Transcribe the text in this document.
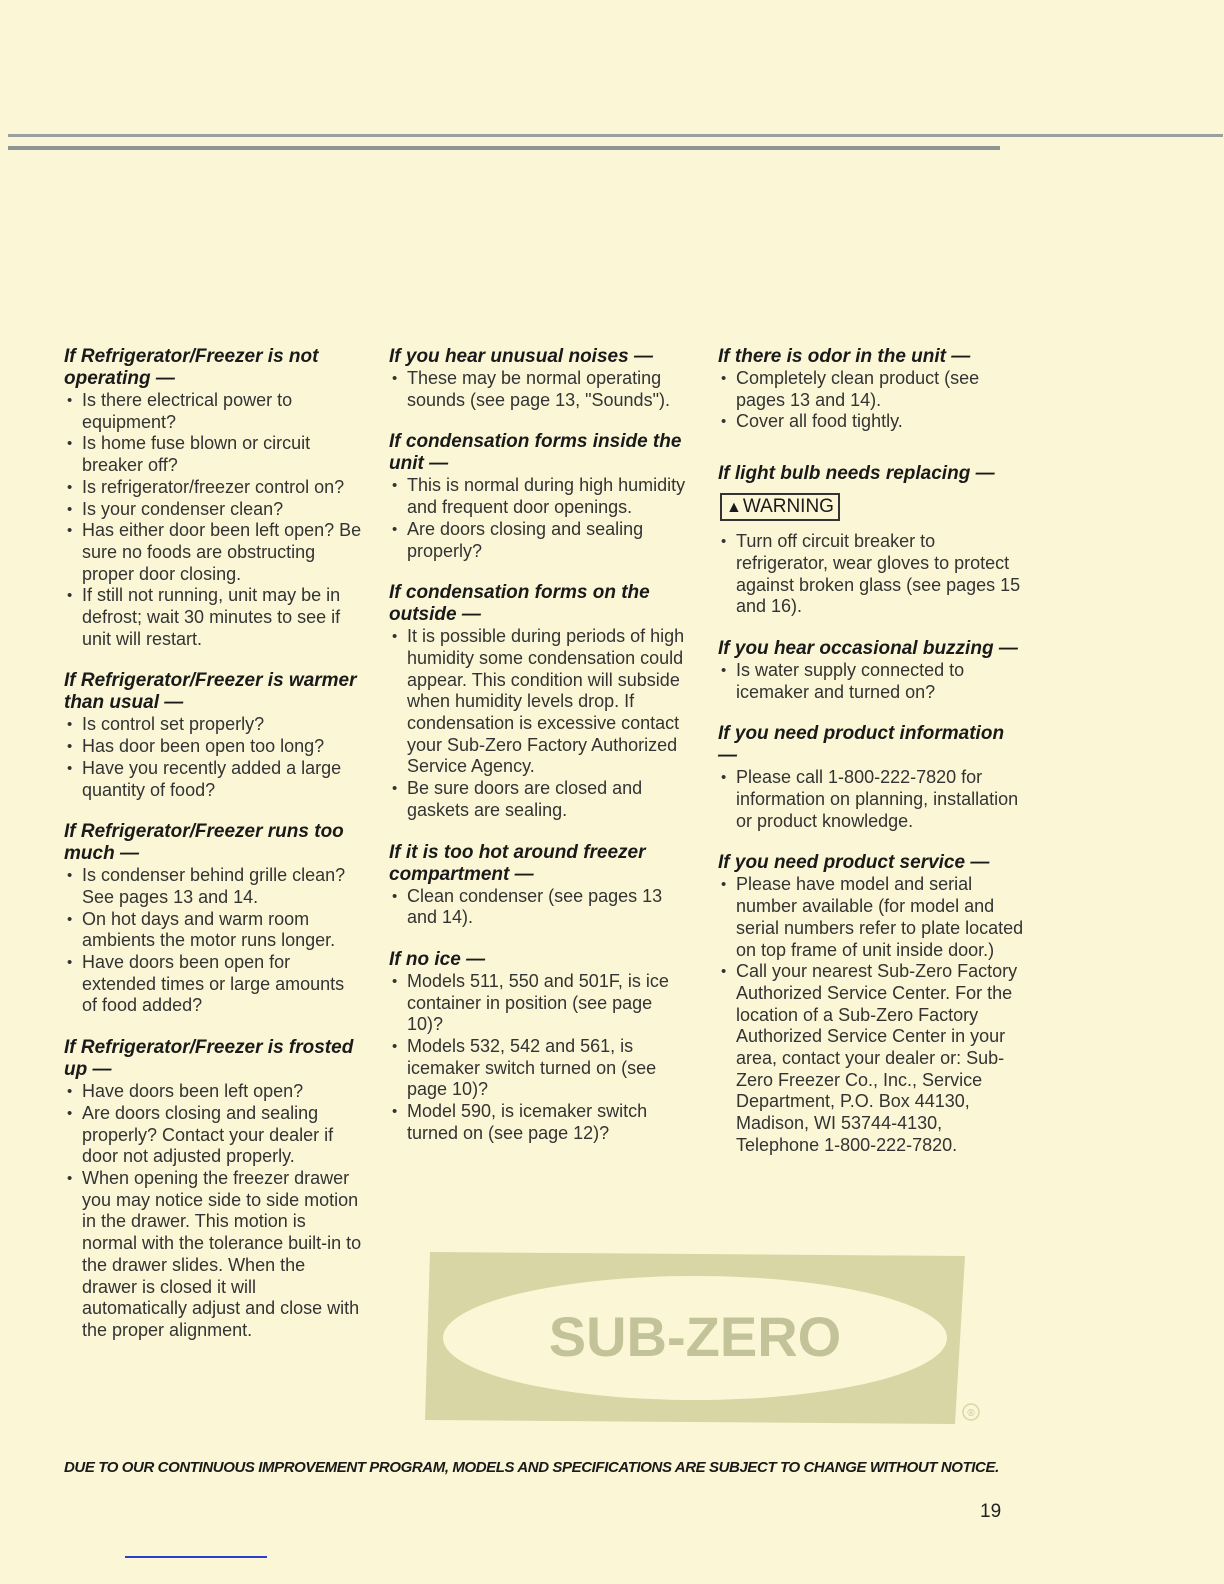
If Refrigerator/Freezer is not operating —

• Is there electrical power to equipment?
• Is home fuse blown or circuit breaker off?
• Is refrigerator/freezer control on?
• Is your condenser clean?
• Has either door been left open? Be sure no foods are obstructing proper door closing.
• If still not running, unit may be in defrost; wait 30 minutes to see if unit will restart.

If Refrigerator/Freezer is warmer than usual —

• Is control set properly?
• Has door been open too long?
• Have you recently added a large quantity of food?

If Refrigerator/Freezer runs too much —

• Is condenser behind grille clean? See pages 13 and 14.
• On hot days and warm room ambients the motor runs longer.
• Have doors been open for extended times or large amounts of food added?

If Refrigerator/Freezer is frosted up —

• Have doors been left open?
• Are doors closing and sealing properly? Contact your dealer if door not adjusted properly.
• When opening the freezer drawer you may notice side to side motion in the drawer. This motion is normal with the tolerance built-in to the drawer slides. When the drawer is closed it will automatically adjust and close with the proper alignment.

If you hear unusual noises —

• These may be normal operating sounds (see page 13, "Sounds").

If condensation forms inside the unit —

• This is normal during high humidity and frequent door openings.
• Are doors closing and sealing properly?

If condensation forms on the outside —

• It is possible during periods of high humidity some condensation could appear. This condition will subside when humidity levels drop. If condensation is excessive contact your Sub-Zero Factory Authorized Service Agency.
• Be sure doors are closed and gaskets are sealing.

If it is too hot around freezer compartment —

• Clean condenser (see pages 13 and 14).

If no ice —

• Models 511, 550 and 501F, is ice container in position (see page 10)?
• Models 532, 542 and 561, is icemaker switch turned on (see page 10)?
• Model 590, is icemaker switch turned on (see page 12)?

If there is odor in the unit —

• Completely clean product (see pages 13 and 14).
• Cover all food tightly.

If light bulb needs replacing —

▲WARNING
• Turn off circuit breaker to refrigerator, wear gloves to protect against broken glass (see pages 15 and 16).

If you hear occasional buzzing —

• Is water supply connected to icemaker and turned on?

If you need product information —

• Please call 1-800-222-7820 for information on planning, installation or product knowledge.

If you need product service —

• Please have model and serial number available (for model and serial numbers refer to plate located on top frame of unit inside door.)
• Call your nearest Sub-Zero Factory Authorized Service Center. For the location of a Sub-Zero Factory Authorized Service Center in your area, contact your dealer or: Sub-Zero Freezer Co., Inc., Service Department, P.O. Box 44130, Madison, WI 53744-4130, Telephone 1-800-222-7820.
SUB-ZERO
®
DUE TO OUR CONTINUOUS IMPROVEMENT PROGRAM, MODELS AND SPECIFICATIONS ARE SUBJECT TO CHANGE WITHOUT NOTICE.
19
